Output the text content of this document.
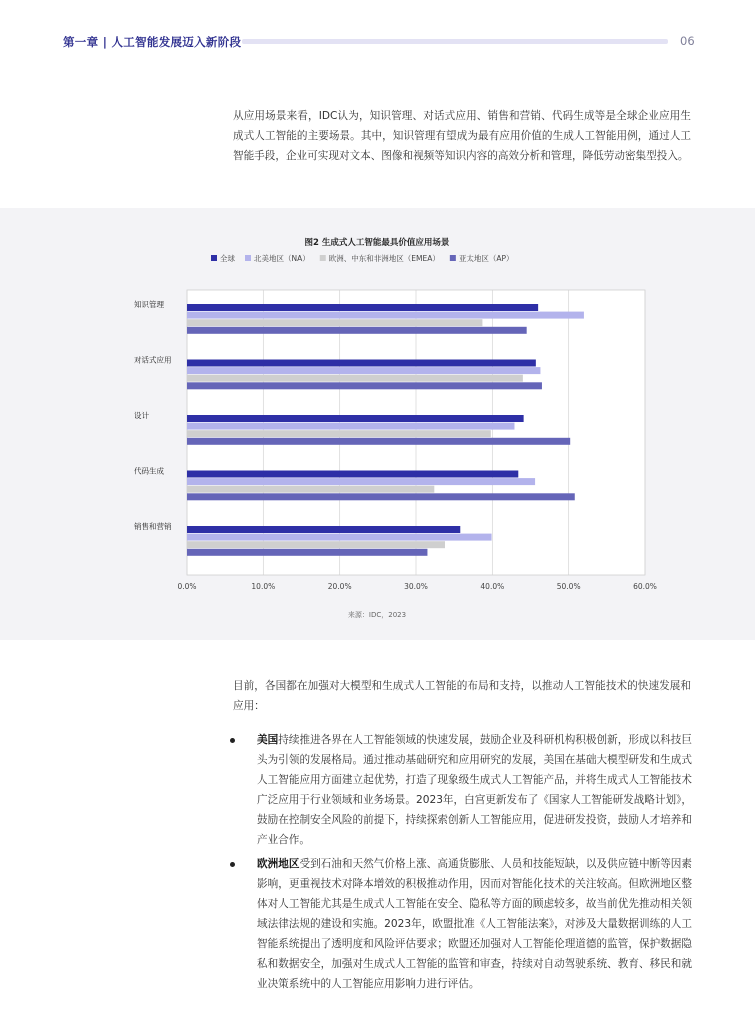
第一章 | 人工智能发展迈入新阶段	06

从应用场景来看，IDC认为，知识管理、对话式应用、销售和营销、代码生成等是全球企业应用生成式人工智能的主要场景。其中，知识管理有望成为最有应用价值的生成人工智能用例，通过人工智能手段，企业可实现对文本、图像和视频等知识内容的高效分析和管理，降低劳动密集型投入。

图2 生成式人工智能最具价值应用场景
全球	北美地区（NA）	欧洲、中东和非洲地区（EMEA）	亚太地区（AP）
0.0%	10.0%	20.0%	30.0%	40.0%	50.0%	60.0%
知识管理
对话式应用
设计
代码生成
销售和营销
来源：IDC，2023

目前，各国都在加强对大模型和生成式人工智能的布局和支持，以推动人工智能技术的快速发展和应用：

美国持续推进各界在人工智能领域的快速发展，鼓励企业及科研机构积极创新，形成以科技巨头为引领的发展格局。通过推动基础研究和应用研究的发展，美国在基础大模型研发和生成式人工智能应用方面建立起优势，打造了现象级生成式人工智能产品，并将生成式人工智能技术广泛应用于行业领域和业务场景。2023年，白宫更新发布了《国家人工智能研发战略计划》，鼓励在控制安全风险的前提下，持续探索创新人工智能应用，促进研发投资，鼓励人才培养和产业合作。

欧洲地区受到石油和天然气价格上涨、高通货膨胀、人员和技能短缺，以及供应链中断等因素影响，更重视技术对降本增效的积极推动作用，因而对智能化技术的关注较高。但欧洲地区整体对人工智能尤其是生成式人工智能在安全、隐私等方面的顾虑较多，故当前优先推动相关领域法律法规的建设和实施。2023年，欧盟批准《人工智能法案》，对涉及大量数据训练的人工智能系统提出了透明度和风险评估要求；欧盟还加强对人工智能伦理道德的监管，保护数据隐私和数据安全，加强对生成式人工智能的监管和审查，持续对自动驾驶系统、教育、移民和就业决策系统中的人工智能应用影响力进行评估。
